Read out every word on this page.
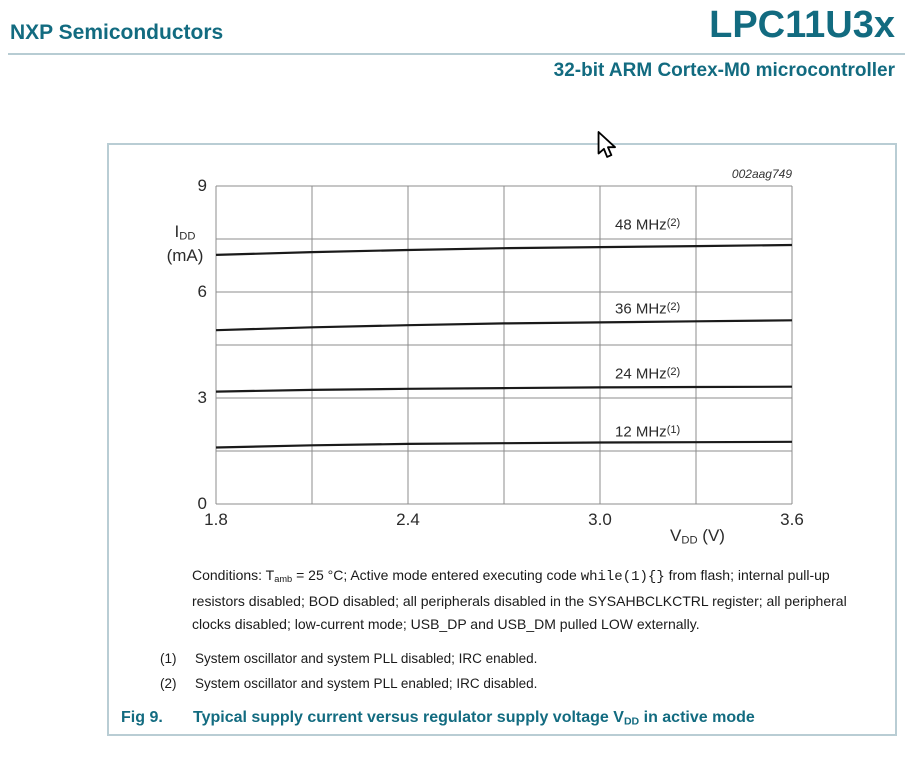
NXP Semiconductors	LPC11U3x
32-bit ARM Cortex-M0 microcontroller
002aag749
9
6
3
0
1.8	2.4	3.0	3.6
$I_{DD}$
(mA)
$V_{DD}$ (V)
48 MHz$^{(2)}$
36 MHz$^{(2)}$
24 MHz$^{(2)}$
12 MHz$^{(1)}$
Conditions: $T_{amb} = 25$ °C; Active mode entered executing code while(1){} from flash; internal pull-up resistors disabled; BOD disabled; all peripherals disabled in the SYSAHBCLKCTRL register; all peripheral clocks disabled; low-current mode; USB_DP and USB_DM pulled LOW externally.
(1) System oscillator and system PLL disabled; IRC enabled.
(2) System oscillator and system PLL enabled; IRC disabled.
Fig 9. Typical supply current versus regulator supply voltage $V_{DD}$ in active mode
